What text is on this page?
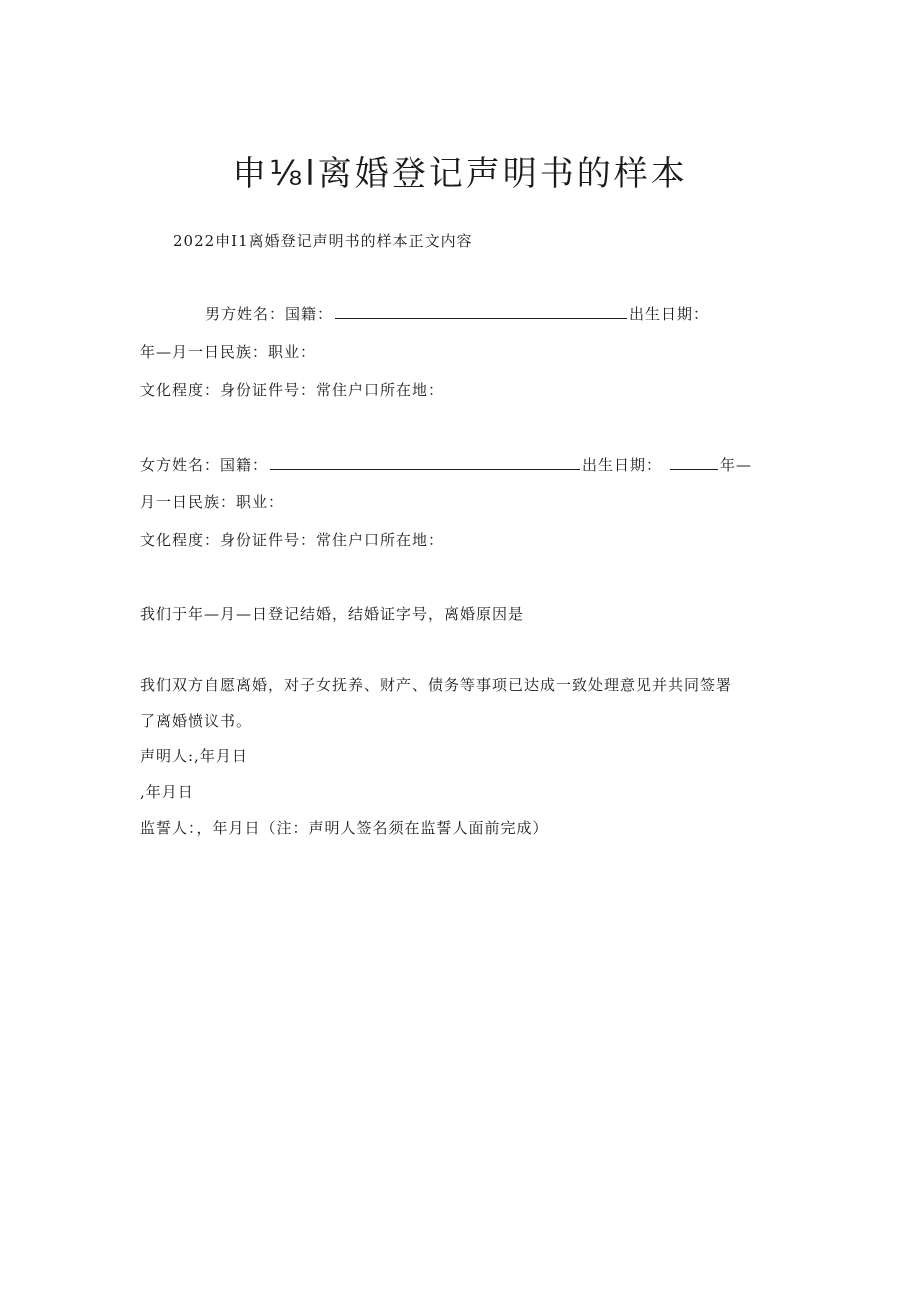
申⅛l离婚登记声明书的样本
2022申I1离婚登记声明书的样本正文内容
男方姓名：国籍：	出生日期：
年—月一日民族：职业：
文化程度：身份证件号：常住户口所在地：
女方姓名：国籍：	出生日期：	年—
月一日民族：职业：
文化程度：身份证件号：常住户口所在地：
我们于年—月—日登记结婚，结婚证字号，离婚原因是
我们双方自愿离婚，对子女抚养、财产、债务等事项已达成一致处理意见并共同签署
了离婚愤议书。
声明人:,年月日
,年月日
监誓人：，年月日（注：声明人签名须在监誓人面前完成）
